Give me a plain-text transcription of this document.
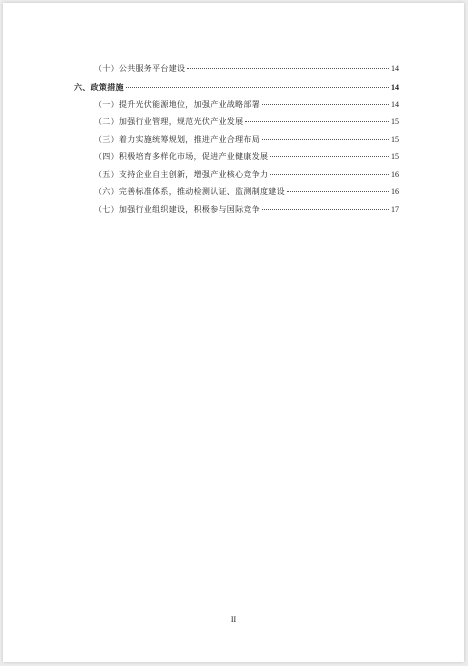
（十）公共服务平台建设	14
六、政策措施	14
（一）提升光伏能源地位，加强产业战略部署	14
（二）加强行业管理，规范光伏产业发展	15
（三）着力实施统筹规划，推进产业合理布局	15
（四）积极培育多样化市场，促进产业健康发展	15
（五）支持企业自主创新，增强产业核心竞争力	16
（六）完善标准体系，推动检测认证、监测制度建设	16
（七）加强行业组织建设，积极参与国际竞争	17
II
